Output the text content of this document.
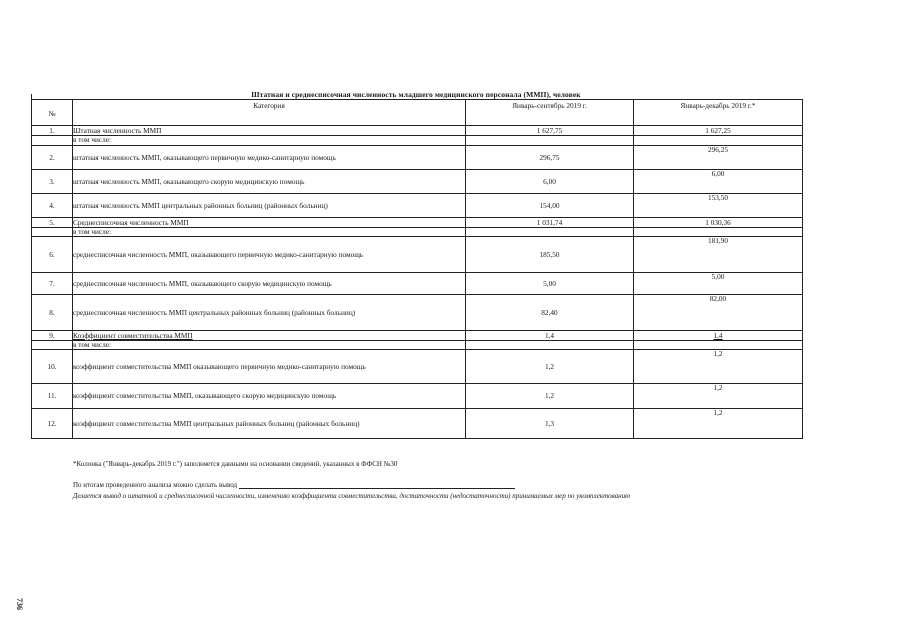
Штатная и среднесписочная численность младшего медицинского персонала (ММП), человек
№	Категория	Январь-сентябрь 2019 г.	Январь-декабрь 2019 г.*
1.	Штатная численность ММП	1 627,75	1 627,25
	в том числе:		
2.	штатная численность ММП, оказывающего первичную медико-санитарную помощь	296,75	296,25
3.	штатная численность ММП, оказывающего скорую медицинскую помощь	6,00	6,00
4.	штатная численность ММП центральных районных больниц (районных больниц)	154,00	153,50
5.	Среднесписочная численность ММП	1 031,74	1 030,36
	в том числе:		
6.	среднесписочная численность ММП, оказывающего первичную медико-санитарную помощь	185,50	181,90
7.	среднесписочная численность ММП, оказывающего скорую медицинскую помощь	5,00	5,00
8.	среднесписочная численность ММП центральных районных больниц (районных больниц)	82,40	82,00
9.	Коэффициент совместительства ММП	1,4	1,4
	в том числе:		
10.	коэффициент совместительства ММП оказывающего первичную медико-санитарную помощь	1,2	1,2
11.	коэффициент совместительства ММП, оказывающего скорую медицинскую помощь	1,2	1,2
12.	коэффициент совместительства ММП центральных районных больниц (районных больниц)	1,3	1,2
*Колонка ("Январь-декабрь 2019 г.") заполняется данными на основании сведений, указанных в ФФСН №30
По итогам проведенного анализа можно сделать вывод
Делается вывод о штатной и среднесписочной численности, изменению коэффициента совместительства, достаточности (недостаточности) принимаемых мер по укомплектованию
736
